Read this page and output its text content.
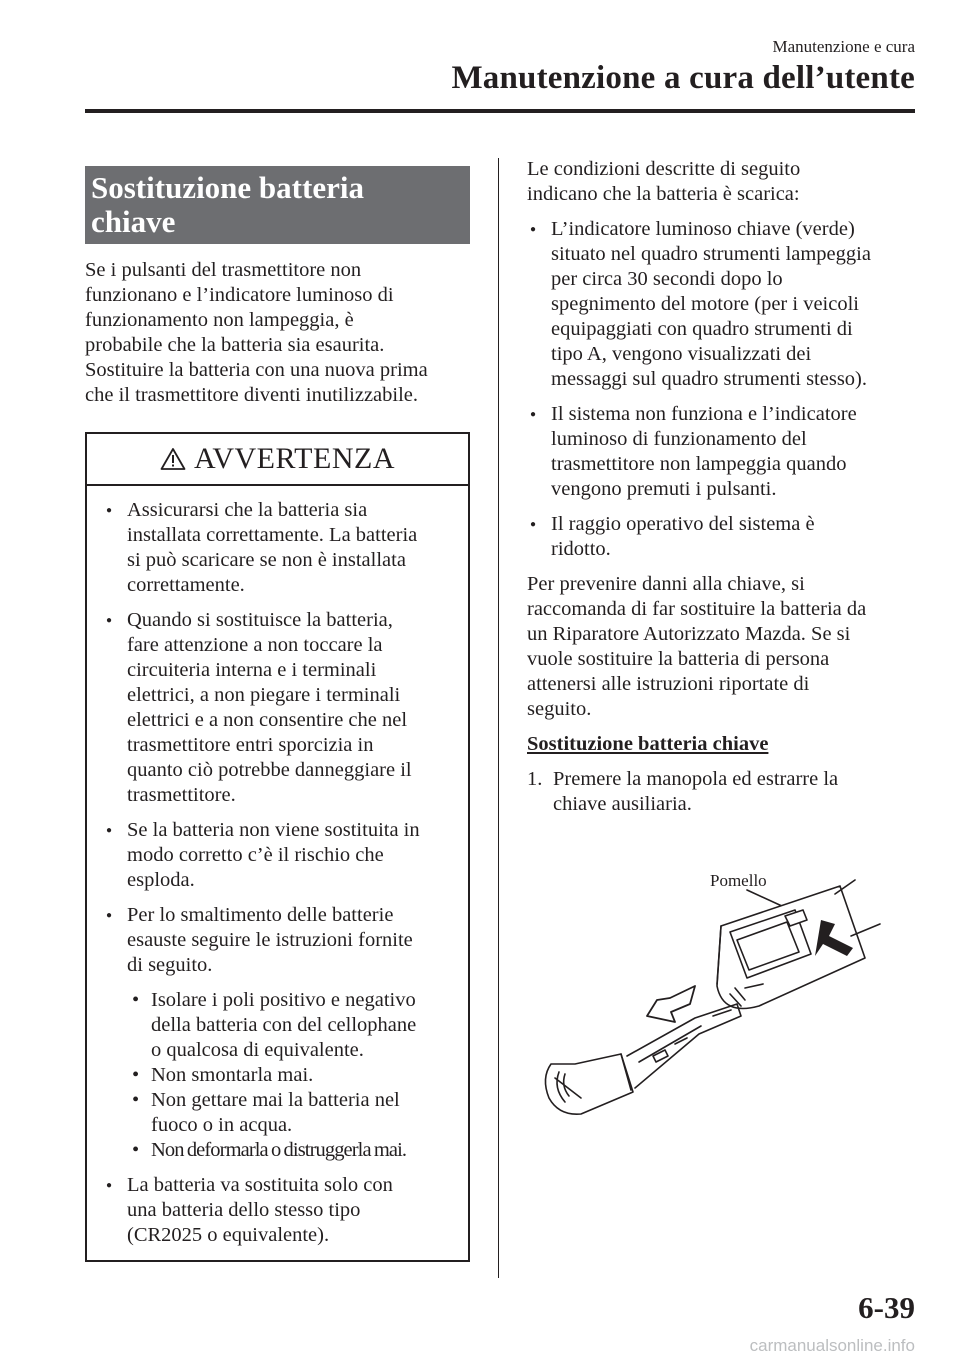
Manutenzione e cura
Manutenzione a cura dell’utente
Sostituzione batteria
chiave
Se i pulsanti del trasmettitore non
funzionano e l’indicatore luminoso di
funzionamento non lampeggia, è
probabile che la batteria sia esaurita.
Sostituire la batteria con una nuova prima
che il trasmettitore diventi inutilizzabile.
AVVERTENZA
● Assicurarsi che la batteria sia
installata correttamente. La batteria
si può scaricare se non è installata
correttamente.
● Quando si sostituisce la batteria,
fare attenzione a non toccare la
circuiteria interna e i terminali
elettrici, a non piegare i terminali
elettrici e a non consentire che nel
trasmettitore entri sporcizia in
quanto ciò potrebbe danneggiare il
trasmettitore.
● Se la batteria non viene sostituita in
modo corretto c’è il rischio che
esploda.
● Per lo smaltimento delle batterie
esauste seguire le istruzioni fornite
di seguito.
• Isolare i poli positivo e negativo
della batteria con del cellophane
o qualcosa di equivalente.
• Non smontarla mai.
• Non gettare mai la batteria nel
fuoco o in acqua.
• Non deformarla o distruggerla mai.
● La batteria va sostituita solo con
una batteria dello stesso tipo
(CR2025 o equivalente).
Le condizioni descritte di seguito
indicano che la batteria è scarica:
● L’indicatore luminoso chiave (verde)
situato nel quadro strumenti lampeggia
per circa 30 secondi dopo lo
spegnimento del motore (per i veicoli
equipaggiati con quadro strumenti di
tipo A, vengono visualizzati dei
messaggi sul quadro strumenti stesso).
● Il sistema non funziona e l’indicatore
luminoso di funzionamento del
trasmettitore non lampeggia quando
vengono premuti i pulsanti.
● Il raggio operativo del sistema è
ridotto.
Per prevenire danni alla chiave, si
raccomanda di far sostituire la batteria da
un Riparatore Autorizzato Mazda. Se si
vuole sostituire la batteria di persona
attenersi alle istruzioni riportate di
seguito.
Sostituzione batteria chiave
1. Premere la manopola ed estrarre la
chiave ausiliaria.
Pomello
6-39
carmanualsonline.info
